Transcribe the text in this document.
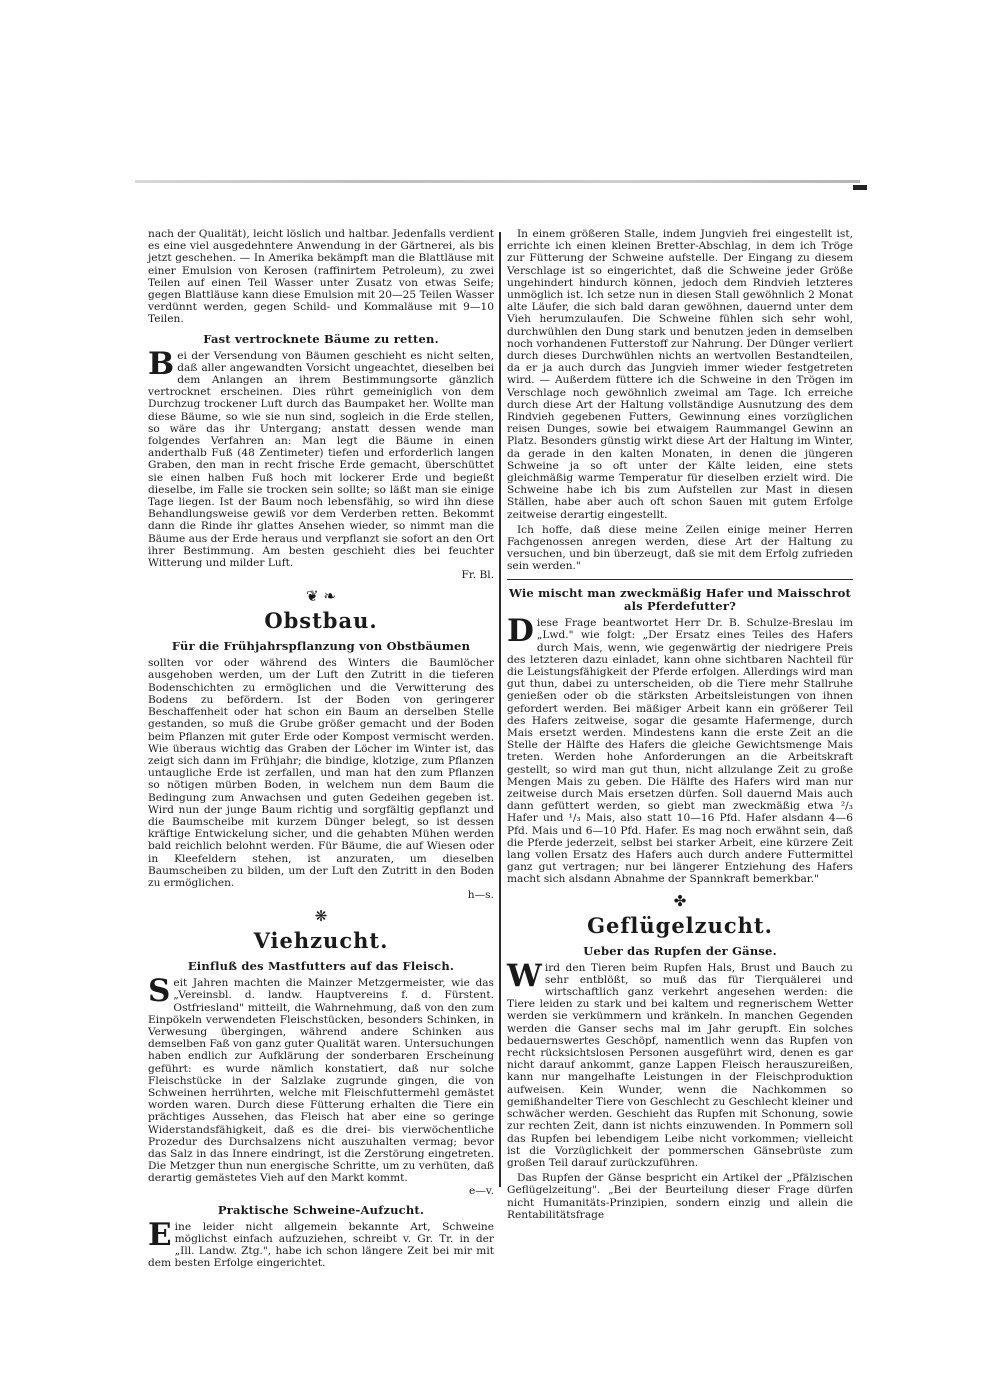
nach der Qualität), leicht löslich und haltbar. Jedenfalls verdient es eine viel ausgedehntere Anwendung in der Gärtnerei, als bis jetzt geschehen. — In Amerika bekämpft man die Blattläuse mit einer Emulsion von Kerosen (raffinirtem Petroleum), zu zwei Teilen auf einen Teil Wasser unter Zusatz von etwas Seife; gegen Blattläuse kann diese Emulsion mit 20—25 Teilen Wasser verdünnt werden, gegen Schild- und Kommaläuse mit 9—10 Teilen.

Fast vertrocknete Bäume zu retten.

Bei der Versendung von Bäumen geschieht es nicht selten, daß aller angewandten Vorsicht ungeachtet, dieselben bei dem Anlangen an ihrem Bestimmungsorte gänzlich vertrocknet erscheinen. Dies rührt gemeiniglich von dem Durchzug trockener Luft durch das Baumpaket her. Wollte man diese Bäume, so wie sie nun sind, sogleich in die Erde stellen, so wäre das ihr Untergang; anstatt dessen wende man folgendes Verfahren an: Man legt die Bäume in einen anderthalb Fuß (48 Zentimeter) tiefen und erforderlich langen Graben, den man in recht frische Erde gemacht, überschüttet sie einen halben Fuß hoch mit lockerer Erde und begießt dieselbe, im Falle sie trocken sein sollte; so läßt man sie einige Tage liegen. Ist der Baum noch lebensfähig, so wird ihn diese Behandlungsweise gewiß vor dem Verderben retten. Bekommt dann die Rinde ihr glattes Ansehen wieder, so nimmt man die Bäume aus der Erde heraus und verpflanzt sie sofort an den Ort ihrer Bestimmung. Am besten geschieht dies bei feuchter Witterung und milder Luft.

Fr. Bl.
❦ ❧
Obstbau.
Für die Frühjahrspflanzung von Obstbäumen

sollten vor oder während des Winters die Baumlöcher ausgehoben werden, um der Luft den Zutritt in die tieferen Bodenschichten zu ermöglichen und die Verwitterung des Bodens zu befördern. Ist der Boden von geringerer Beschaffenheit oder hat schon ein Baum an derselben Stelle gestanden, so muß die Grube größer gemacht und der Boden beim Pflanzen mit guter Erde oder Kompost vermischt werden. Wie überaus wichtig das Graben der Löcher im Winter ist, das zeigt sich dann im Frühjahr; die bindige, klotzige, zum Pflanzen untaugliche Erde ist zerfallen, und man hat den zum Pflanzen so nötigen mürben Boden, in welchem nun dem Baum die Bedingung zum Anwachsen und guten Gedeihen gegeben ist. Wird nun der junge Baum richtig und sorgfältig gepflanzt und die Baumscheibe mit kurzem Dünger belegt, so ist dessen kräftige Entwickelung sicher, und die gehabten Mühen werden bald reichlich belohnt werden. Für Bäume, die auf Wiesen oder in Kleefeldern stehen, ist anzuraten, um dieselben Baumscheiben zu bilden, um der Luft den Zutritt in den Boden zu ermöglichen.

h—s.
❋
Viehzucht.
Einfluß des Mastfutters auf das Fleisch.

Seit Jahren machten die Mainzer Metzgermeister, wie das „Vereinsbl. d. landw. Hauptvereins f. d. Fürstent. Ostfriesland" mitteilt, die Wahrnehmung, daß von den zum Einpökeln verwendeten Fleischstücken, besonders Schinken, in Verwesung übergingen, während andere Schinken aus demselben Faß von ganz guter Qualität waren. Untersuchungen haben endlich zur Aufklärung der sonderbaren Erscheinung geführt: es wurde nämlich konstatiert, daß nur solche Fleischstücke in der Salzlake zugrunde gingen, die von Schweinen herrührten, welche mit Fleischfuttermehl gemästet worden waren. Durch diese Fütterung erhalten die Tiere ein prächtiges Aussehen, das Fleisch hat aber eine so geringe Widerstandsfähigkeit, daß es die drei- bis vierwöchentliche Prozedur des Durchsalzens nicht auszuhalten vermag; bevor das Salz in das Innere eindringt, ist die Zerstörung eingetreten. Die Metzger thun nun energische Schritte, um zu verhüten, daß derartig gemästetes Vieh auf den Markt kommt.

e—v.
Praktische Schweine-Aufzucht.

Eine leider nicht allgemein bekannte Art, Schweine möglichst einfach aufzuziehen, schreibt v. Gr. Tr. in der „Ill. Landw. Ztg.", habe ich schon längere Zeit bei mir mit dem besten Erfolge eingerichtet.

In einem größeren Stalle, indem Jungvieh frei eingestellt ist, errichte ich einen kleinen Bretter-Abschlag, in dem ich Tröge zur Fütterung der Schweine aufstelle. Der Eingang zu diesem Verschlage ist so eingerichtet, daß die Schweine jeder Größe ungehindert hindurch können, jedoch dem Rindvieh letzteres unmöglich ist. Ich setze nun in diesen Stall gewöhnlich 2 Monat alte Läufer, die sich bald daran gewöhnen, dauernd unter dem Vieh herumzulaufen. Die Schweine fühlen sich sehr wohl, durchwühlen den Dung stark und benutzen jeden in demselben noch vorhandenen Futterstoff zur Nahrung. Der Dünger verliert durch dieses Durchwühlen nichts an wertvollen Bestandteilen, da er ja auch durch das Jungvieh immer wieder festgetreten wird. — Außerdem füttere ich die Schweine in den Trögen im Verschlage noch gewöhnlich zweimal am Tage. Ich erreiche durch diese Art der Haltung vollständige Ausnutzung des dem Rindvieh gegebenen Futters, Gewinnung eines vorzüglichen reisen Dunges, sowie bei etwaigem Raummangel Gewinn an Platz. Besonders günstig wirkt diese Art der Haltung im Winter, da gerade in den kalten Monaten, in denen die jüngeren Schweine ja so oft unter der Kälte leiden, eine stets gleichmäßig warme Temperatur für dieselben erzielt wird. Die Schweine habe ich bis zum Aufstellen zur Mast in diesen Ställen, habe aber auch oft schon Sauen mit gutem Erfolge zeitweise derartig eingestellt.

Ich hoffe, daß diese meine Zeilen einige meiner Herren Fachgenossen anregen werden, diese Art der Haltung zu versuchen, und bin überzeugt, daß sie mit dem Erfolg zufrieden sein werden."

Wie mischt man zweckmäßig Hafer und Maisschrot als Pferdefutter?

Diese Frage beantwortet Herr Dr. B. Schulze-Breslau im „Lwd." wie folgt: „Der Ersatz eines Teiles des Hafers durch Mais, wenn, wie gegenwärtig der niedrigere Preis des letzteren dazu einladet, kann ohne sichtbaren Nachteil für die Leistungsfähigkeit der Pferde erfolgen. Allerdings wird man gut thun, dabei zu unterscheiden, ob die Tiere mehr Stallruhe genießen oder ob die stärksten Arbeitsleistungen von ihnen gefordert werden. Bei mäßiger Arbeit kann ein größerer Teil des Hafers zeitweise, sogar die gesamte Hafermenge, durch Mais ersetzt werden. Mindestens kann die erste Zeit an die Stelle der Hälfte des Hafers die gleiche Gewichtsmenge Mais treten. Werden hohe Anforderungen an die Arbeitskraft gestellt, so wird man gut thun, nicht allzulange Zeit zu große Mengen Mais zu geben. Die Hälfte des Hafers wird man nur zeitweise durch Mais ersetzen dürfen. Soll dauernd Mais auch dann gefüttert werden, so giebt man zweckmäßig etwa ²/₃ Hafer und ¹/₃ Mais, also statt 10—16 Pfd. Hafer alsdann 4—6 Pfd. Mais und 6—10 Pfd. Hafer. Es mag noch erwähnt sein, daß die Pferde jederzeit, selbst bei starker Arbeit, eine kürzere Zeit lang vollen Ersatz des Hafers auch durch andere Futtermittel ganz gut vertragen; nur bei längerer Entziehung des Hafers macht sich alsdann Abnahme der Spannkraft bemerkbar."

✤
Geflügelzucht.
Ueber das Rupfen der Gänse.

Wird den Tieren beim Rupfen Hals, Brust und Bauch zu sehr entblößt, so muß das für Tierquälerei und wirtschaftlich ganz verkehrt angesehen werden: die Tiere leiden zu stark und bei kaltem und regnerischem Wetter werden sie verkümmern und kränkeln. In manchen Gegenden werden die Ganser sechs mal im Jahr gerupft. Ein solches bedauernswertes Geschöpf, namentlich wenn das Rupfen von recht rücksichtslosen Personen ausgeführt wird, denen es gar nicht darauf ankommt, ganze Lappen Fleisch herauszureißen, kann nur mangelhafte Leistungen in der Fleischproduktion aufweisen. Kein Wunder, wenn die Nachkommen so gemißhandelter Tiere von Geschlecht zu Geschlecht kleiner und schwächer werden. Geschieht das Rupfen mit Schonung, sowie zur rechten Zeit, dann ist nichts einzuwenden. In Pommern soll das Rupfen bei lebendigem Leibe nicht vorkommen; vielleicht ist die Vorzüglichkeit der pommerschen Gänsebrüste zum großen Teil darauf zurückzuführen.

Das Rupfen der Gänse bespricht ein Artikel der „Pfälzischen Geflügelzeitung". „Bei der Beurteilung dieser Frage dürfen nicht Humanitäts-Prinzipien, sondern einzig und allein die Rentabilitätsfrage
